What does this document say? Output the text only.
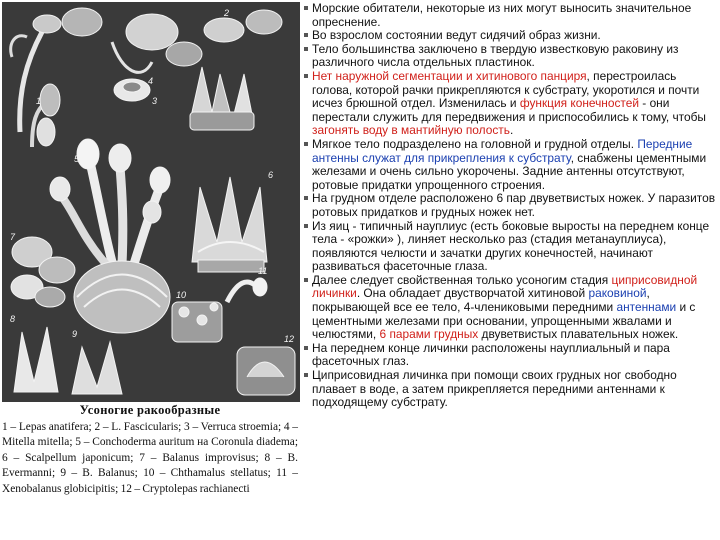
2
1	3
4
5
6
7
8
9
10
11
12
Усоногие ракообразные
1 – Lepas anatifera; 2 – L. Fascicularis; 3 – Verruca stroemia; 4 – Mitella mitella; 5 – Conchoderma auritum на Coronula diadema; 6 – Scalpellum japonicum; 7 – Balanus improvisus; 8 – B. Evermanni; 9 – B. Balanus; 10 – Chthamalus stellatus; 11 – Xenobalanus globicipitis; 12 – Cryptolepas rachianecti

Морские обитатели, некоторые из них могут выносить значительное опреснение.

Во взрослом состоянии ведут сидячий образ жизни.

Тело большинства заключено в твердую известковую раковину из различного числа отдельных пластинок.

Нет наружной сегментации и хитинового панциря, перестроилась голова, которой рачки прикрепляются к субстрату, укоротился и почти исчез брюшной отдел. Изменилась и функция конечностей - они перестали служить для передвижения и приспособились к тому, чтобы загонять воду в мантийную полость.

Мягкое тело подразделено на головной и грудной отделы. Передние антенны служат для прикрепления к субстрату, снабжены цементными железами и очень сильно укорочены. Задние антенны отсутствуют, ротовые придатки упрощенного строения.

На грудном отделе расположено 6 пар двуветвистых ножек. У паразитов ротовых придатков и грудных ножек нет.

Из яиц - типичный науплиус (есть боковые выросты на переднем конце тела - «рожки» ), линяет несколько раз (стадия метанауплиуса), появляются челюсти и зачатки других конечностей, начинают развиваться фасеточные глаза.

Далее следует свойственная только усоногим стадия циприсовидной личинки. Она обладает двустворчатой хитиновой раковиной, покрывающей все ее тело, 4-члениковыми передними антеннами и с цементными железами при основании, упрощенными жвалами и челюстями, 6 парами грудных двуветвистых плавательных ножек.

На переднем конце личинки расположены науплиальный и пара фасеточных глаз.

Циприсовидная личинка при помощи своих грудных ног свободно плавает в воде, а затем прикрепляется передними антеннами к подходящему субстрату.
